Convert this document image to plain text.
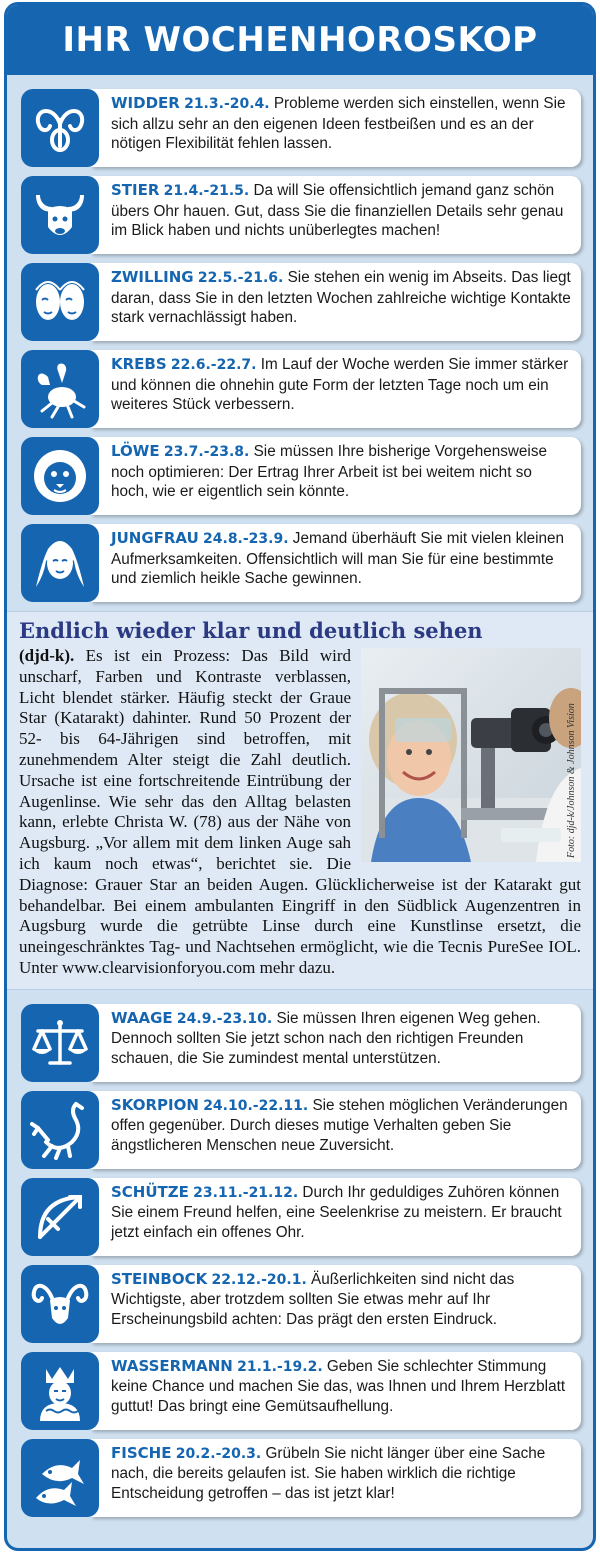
IHR WOCHENHOROSKOP
WIDDER 21.3.-20.4. Probleme werden sich einstellen, wenn Sie sich allzu sehr an den eigenen Ideen festbeißen und es an der nötigen Flexibilität fehlen lassen.
STIER 21.4.-21.5. Da will Sie offensichtlich jemand ganz schön übers Ohr hauen. Gut, dass Sie die finanziellen Details sehr genau im Blick haben und nichts unüberlegtes machen!
ZWILLING 22.5.-21.6. Sie stehen ein wenig im Abseits. Das liegt daran, dass Sie in den letzten Wochen zahlreiche wichtige Kontakte stark vernachlässigt haben.
KREBS 22.6.-22.7. Im Lauf der Woche werden Sie immer stärker und können die ohnehin gute Form der letzten Tage noch um ein weiteres Stück verbessern.
LÖWE 23.7.-23.8. Sie müssen Ihre bisherige Vorgehensweise noch optimieren: Der Ertrag Ihrer Arbeit ist bei weitem nicht so hoch, wie er eigentlich sein könnte.
JUNGFRAU 24.8.-23.9. Jemand überhäuft Sie mit vielen kleinen Aufmerksamkeiten. Offensichtlich will man Sie für eine bestimmte und ziemlich heikle Sache gewinnen.
Endlich wieder klar und deutlich sehen
Foto: djd-k/Johnson & Johnson Vision
(djd-k). Es ist ein Prozess: Das Bild wird unscharf, Farben und Kontraste verblassen, Licht blendet stärker. Häufig steckt der Graue Star (Katarakt) dahinter. Rund 50 Prozent der 52- bis 64-Jährigen sind betroffen, mit zunehmendem Alter steigt die Zahl deutlich. Ursache ist eine fortschreitende Eintrübung der Augenlinse. Wie sehr das den Alltag belasten kann, erlebte Christa W. (78) aus der Nähe von Augsburg. „Vor allem mit dem linken Auge sah ich kaum noch etwas“, berichtet sie. Die Diagnose: Grauer Star an beiden Augen. Glücklicherweise ist der Katarakt gut behandelbar. Bei einem ambulanten Eingriff in den Südblick Augenzentren in Augsburg wurde die getrübte Linse durch eine Kunstlinse ersetzt, die uneingeschränktes Tag- und Nachtsehen ermöglicht, wie die Tecnis PureSee IOL. Unter www.clearvisionforyou.com mehr dazu.
WAAGE 24.9.-23.10. Sie müssen Ihren eigenen Weg gehen. Dennoch sollten Sie jetzt schon nach den richtigen Freunden schauen, die Sie zumindest mental unterstützen.
SKORPION 24.10.-22.11. Sie stehen möglichen Veränderungen offen gegenüber. Durch dieses mutige Verhalten geben Sie ängstlicheren Menschen neue Zuversicht.
SCHÜTZE 23.11.-21.12. Durch Ihr geduldiges Zuhören können Sie einem Freund helfen, eine Seelenkrise zu meistern. Er braucht jetzt einfach ein offenes Ohr.
STEINBOCK 22.12.-20.1. Äußerlichkeiten sind nicht das Wichtigste, aber trotzdem sollten Sie etwas mehr auf Ihr Erscheinungsbild achten: Das prägt den ersten Eindruck.
WASSERMANN 21.1.-19.2. Geben Sie schlechter Stimmung keine Chance und machen Sie das, was Ihnen und Ihrem Herzblatt guttut! Das bringt eine Gemütsaufhellung.
FISCHE 20.2.-20.3. Grübeln Sie nicht länger über eine Sache nach, die bereits gelaufen ist. Sie haben wirklich die richtige Entscheidung getroffen – das ist jetzt klar!
